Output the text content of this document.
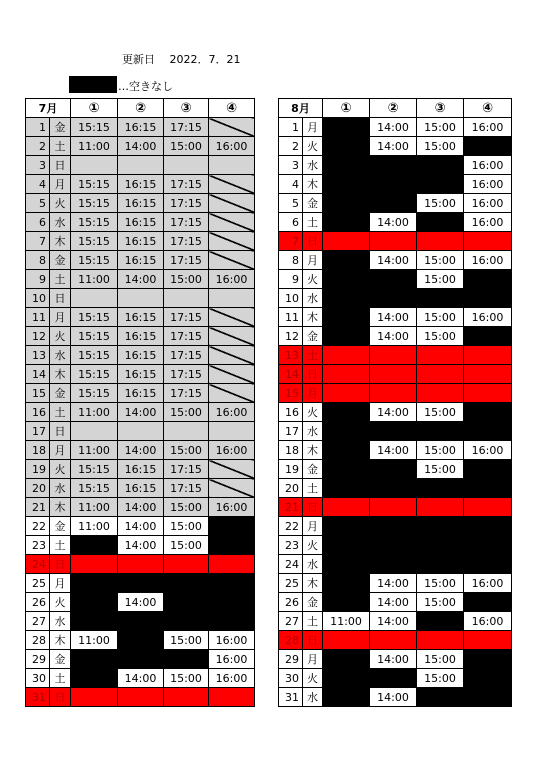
更新日　 2022．7．21
…空きなし
7月		①	②	③	④
1	金	15:15	16:15	17:15	
2	土	11:00	14:00	15:00	16:00
3	日				
4	月	15:15	16:15	17:15	
5	火	15:15	16:15	17:15	
6	水	15:15	16:15	17:15	
7	木	15:15	16:15	17:15	
8	金	15:15	16:15	17:15	
9	土	11:00	14:00	15:00	16:00
10	日				
11	月	15:15	16:15	17:15	
12	火	15:15	16:15	17:15	
13	水	15:15	16:15	17:15	
14	木	15:15	16:15	17:15	
15	金	15:15	16:15	17:15	
16	土	11:00	14:00	15:00	16:00
17	日				
18	月	11:00	14:00	15:00	16:00
19	火	15:15	16:15	17:15	
20	水	15:15	16:15	17:15	
21	木	11:00	14:00	15:00	16:00
22	金	11:00	14:00	15:00	
23	土		14:00	15:00	
24	日				
25	月				
26	火		14:00		
27	水				
28	木	11:00		15:00	16:00
29	金				16:00
30	土		14:00	15:00	16:00
31	日				
8月		①	②	③	④
1	月		14:00	15:00	16:00
2	火		14:00	15:00	
3	水				16:00
4	木				16:00
5	金			15:00	16:00
6	土		14:00	15:00	16:00
7	日				
8	月		14:00	15:00	16:00
9	火			15:00	
10	水				
11	木		14:00	15:00	16:00
12	金		14:00	15:00	
13	土				
14	日				
15	月				
16	火		14:00	15:00	
17	水				
18	木		14:00	15:00	16:00
19	金			15:00	
20	土				
21	日				
22	月				
23	火				
24	水				
25	木		14:00	15:00	16:00
26	金		14:00	15:00	
27	土	11:00	14:00		16:00
28	日				
29	月		14:00	15:00	
30	火			15:00	
31	水		14:00		
